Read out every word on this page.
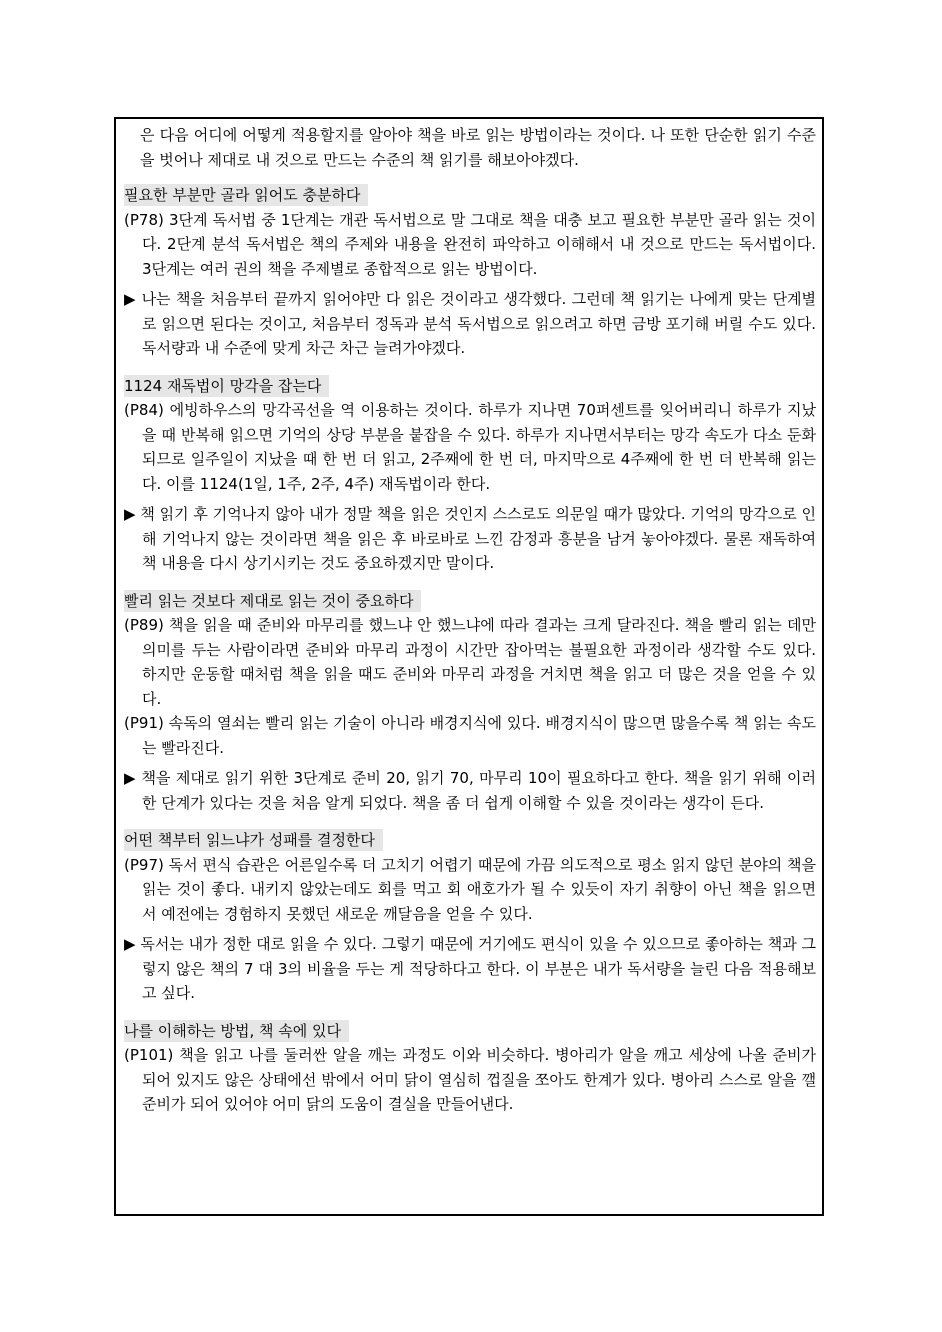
은 다음 어디에 어떻게 적용할지를 알아야 책을 바로 읽는 방법이라는 것이다. 나 또한 단순한 읽기 수준을 벗어나 제대로 내 것으로 만드는 수준의 책 읽기를 해보아야겠다.

필요한 부분만 골라 읽어도 충분하다

(P78) 3단계 독서법 중 1단계는 개관 독서법으로 말 그대로 책을 대충 보고 필요한 부분만 골라 읽는 것이다. 2단계 분석 독서법은 책의 주제와 내용을 완전히 파악하고 이해해서 내 것으로 만드는 독서법이다. 3단계는 여러 권의 책을 주제별로 종합적으로 읽는 방법이다.

▶ 나는 책을 처음부터 끝까지 읽어야만 다 읽은 것이라고 생각했다. 그런데 책 읽기는 나에게 맞는 단계별로 읽으면 된다는 것이고, 처음부터 정독과 분석 독서법으로 읽으려고 하면 금방 포기해 버릴 수도 있다. 독서량과 내 수준에 맞게 차근 차근 늘려가야겠다.

1124 재독법이 망각을 잡는다

(P84) 에빙하우스의 망각곡선을 역 이용하는 것이다. 하루가 지나면 70퍼센트를 잊어버리니 하루가 지났을 때 반복해 읽으면 기억의 상당 부분을 붙잡을 수 있다. 하루가 지나면서부터는 망각 속도가 다소 둔화되므로 일주일이 지났을 때 한 번 더 읽고, 2주째에 한 번 더, 마지막으로 4주째에 한 번 더 반복해 읽는다. 이를 1124(1일, 1주, 2주, 4주) 재독법이라 한다.

▶ 책 읽기 후 기억나지 않아 내가 정말 책을 읽은 것인지 스스로도 의문일 때가 많았다. 기억의 망각으로 인해 기억나지 않는 것이라면 책을 읽은 후 바로바로 느낀 감정과 흥분을 남겨 놓아야겠다. 물론 재독하여 책 내용을 다시 상기시키는 것도 중요하겠지만 말이다.

빨리 읽는 것보다 제대로 읽는 것이 중요하다

(P89) 책을 읽을 때 준비와 마무리를 했느냐 안 했느냐에 따라 결과는 크게 달라진다. 책을 빨리 읽는 데만 의미를 두는 사람이라면 준비와 마무리 과정이 시간만 잡아먹는 불필요한 과정이라 생각할 수도 있다. 하지만 운동할 때처럼 책을 읽을 때도 준비와 마무리 과정을 거치면 책을 읽고 더 많은 것을 얻을 수 있다.

(P91) 속독의 열쇠는 빨리 읽는 기술이 아니라 배경지식에 있다. 배경지식이 많으면 많을수록 책 읽는 속도는 빨라진다.

▶ 책을 제대로 읽기 위한 3단계로 준비 20, 읽기 70, 마무리 10이 필요하다고 한다. 책을 읽기 위해 이러한 단계가 있다는 것을 처음 알게 되었다. 책을 좀 더 쉽게 이해할 수 있을 것이라는 생각이 든다.

어떤 책부터 읽느냐가 성패를 결정한다

(P97) 독서 편식 습관은 어른일수록 더 고치기 어렵기 때문에 가끔 의도적으로 평소 읽지 않던 분야의 책을 읽는 것이 좋다. 내키지 않았는데도 회를 먹고 회 애호가가 될 수 있듯이 자기 취향이 아닌 책을 읽으면서 예전에는 경험하지 못했던 새로운 깨달음을 얻을 수 있다.

▶ 독서는 내가 정한 대로 읽을 수 있다. 그렇기 때문에 거기에도 편식이 있을 수 있으므로 좋아하는 책과 그렇지 않은 책의 7 대 3의 비율을 두는 게 적당하다고 한다. 이 부분은 내가 독서량을 늘린 다음 적용해보고 싶다.

나를 이해하는 방법, 책 속에 있다

(P101) 책을 읽고 나를 둘러싼 알을 깨는 과정도 이와 비슷하다. 병아리가 알을 깨고 세상에 나올 준비가 되어 있지도 않은 상태에선 밖에서 어미 닭이 열심히 껍질을 쪼아도 한계가 있다. 병아리 스스로 알을 깰 준비가 되어 있어야 어미 닭의 도움이 결실을 만들어낸다.
